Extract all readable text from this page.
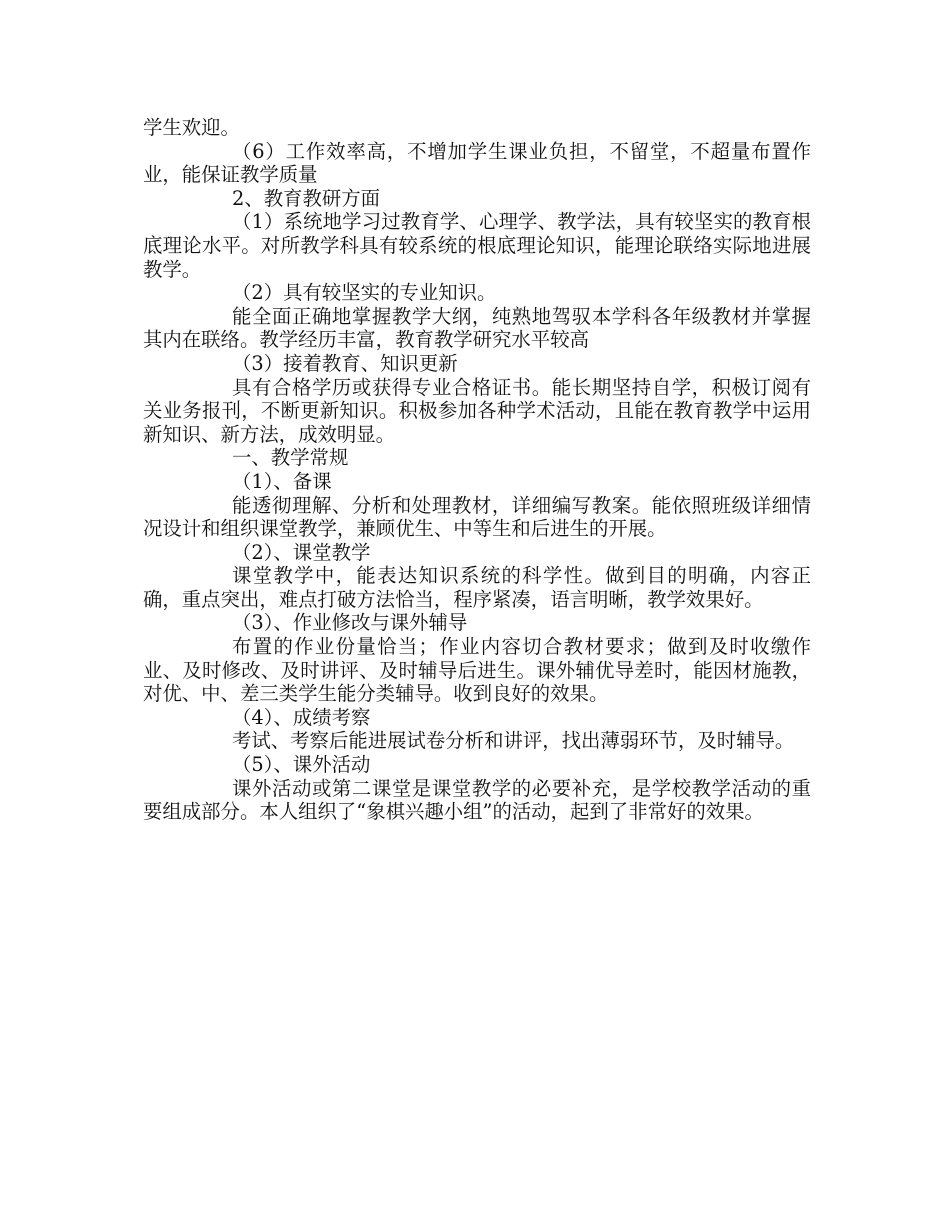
学生欢迎。

（6）工作效率高，不增加学生课业负担，不留堂，不超量布置作业，能保证教学质量

2、教育教研方面

（1）系统地学习过教育学、心理学、教学法，具有较坚实的教育根底理论水平。对所教学科具有较系统的根底理论知识，能理论联络实际地进展教学。

（2）具有较坚实的专业知识。

能全面正确地掌握教学大纲，纯熟地驾驭本学科各年级教材并掌握其内在联络。教学经历丰富，教育教学研究水平较高

（3）接着教育、知识更新

具有合格学历或获得专业合格证书。能长期坚持自学，积极订阅有关业务报刊，不断更新知识。积极参加各种学术活动，且能在教育教学中运用新知识、新方法，成效明显。

一、教学常规

（1）、备课

能透彻理解、分析和处理教材，详细编写教案。能依照班级详细情况设计和组织课堂教学，兼顾优生、中等生和后进生的开展。

（2）、课堂教学

课堂教学中，能表达知识系统的科学性。做到目的明确，内容正确，重点突出，难点打破方法恰当，程序紧凑，语言明晰，教学效果好。

（3）、作业修改与课外辅导

布置的作业份量恰当；作业内容切合教材要求；做到及时收缴作业、及时修改、及时讲评、及时辅导后进生。课外辅优导差时，能因材施教，对优、中、差三类学生能分类辅导。收到良好的效果。

（4）、成绩考察

考试、考察后能进展试卷分析和讲评，找出薄弱环节，及时辅导。

（5）、课外活动

课外活动或第二课堂是课堂教学的必要补充，是学校教学活动的重要组成部分。本人组织了“象棋兴趣小组”的活动，起到了非常好的效果。
